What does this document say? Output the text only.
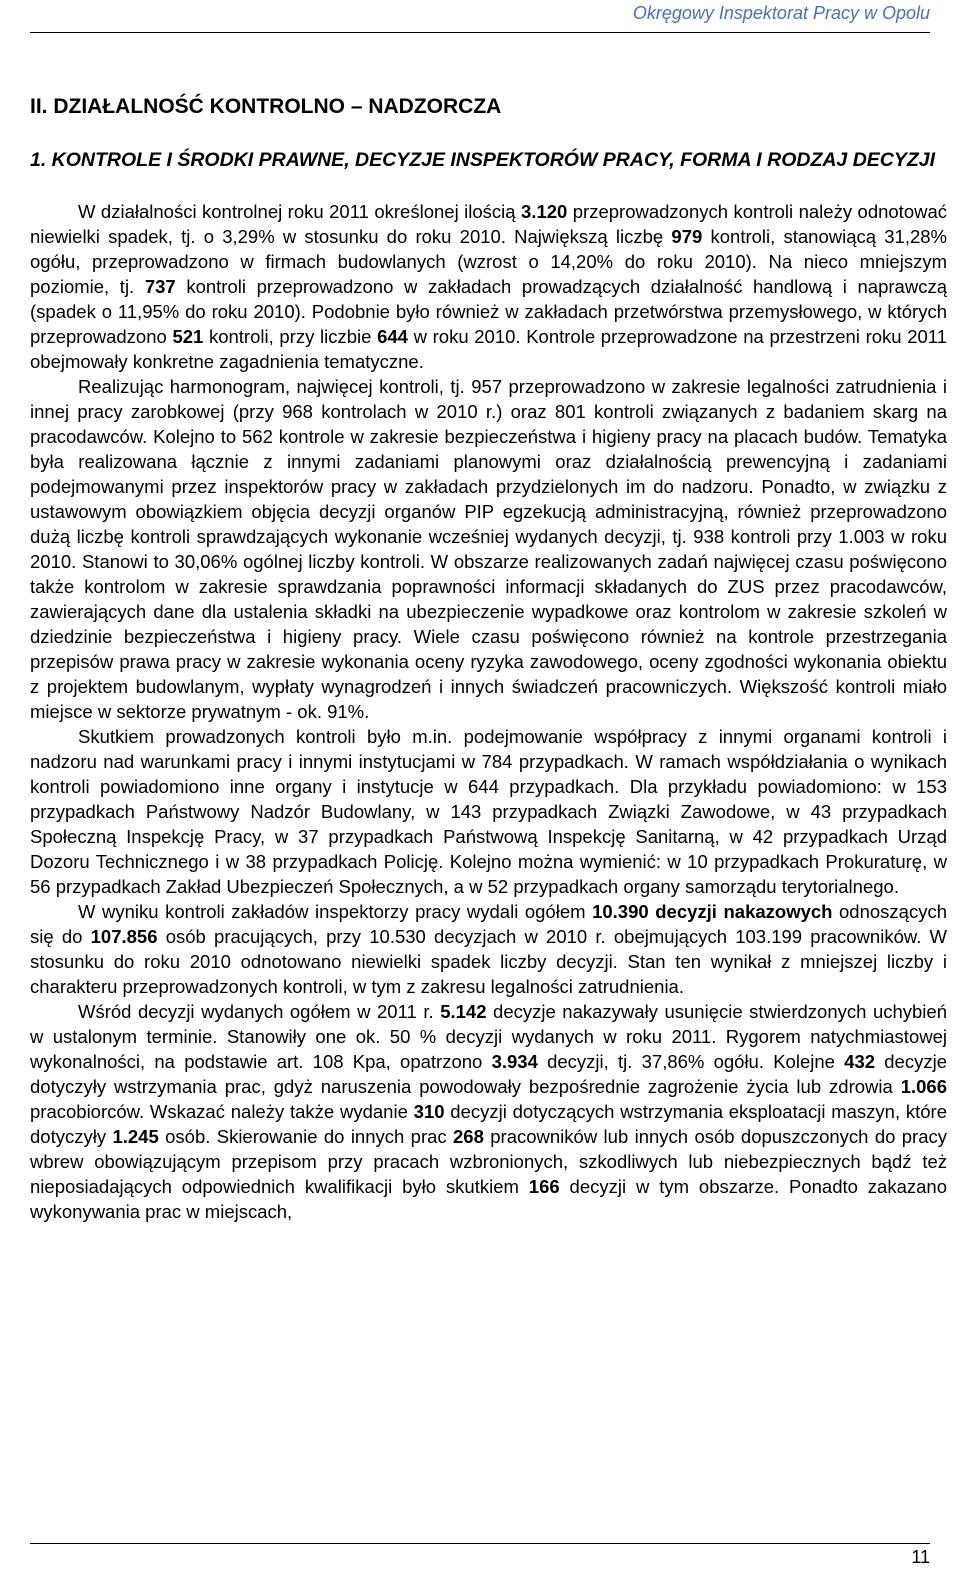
Okręgowy Inspektorat Pracy w Opolu
II. DZIAŁALNOŚĆ KONTROLNO – NADZORCZA
1. KONTROLE I ŚRODKI PRAWNE, DECYZJE INSPEKTORÓW PRACY, FORMA I RODZAJ DECYZJI

W działalności kontrolnej roku 2011 określonej ilością 3.120 przeprowadzonych kontroli należy odnotować niewielki spadek, tj. o 3,29% w stosunku do roku 2010. Największą liczbę 979 kontroli, stanowiącą 31,28% ogółu, przeprowadzono w firmach budowlanych (wzrost o 14,20% do roku 2010). Na nieco mniejszym poziomie, tj. 737 kontroli przeprowadzono w zakładach prowadzących działalność handlową i naprawczą (spadek o 11,95% do roku 2010). Podobnie było również w zakładach przetwórstwa przemysłowego, w których przeprowadzono 521 kontroli, przy liczbie 644 w roku 2010. Kontrole przeprowadzone na przestrzeni roku 2011 obejmowały konkretne zagadnienia tematyczne.

Realizując harmonogram, najwięcej kontroli, tj. 957 przeprowadzono w zakresie legalności zatrudnienia i innej pracy zarobkowej (przy 968 kontrolach w 2010 r.) oraz 801 kontroli związanych z badaniem skarg na pracodawców. Kolejno to 562 kontrole w zakresie bezpieczeństwa i higieny pracy na placach budów. Tematyka była realizowana łącznie z innymi zadaniami planowymi oraz działalnością prewencyjną i zadaniami podejmowanymi przez inspektorów pracy w zakładach przydzielonych im do nadzoru. Ponadto, w związku z ustawowym obowiązkiem objęcia decyzji organów PIP egzekucją administracyjną, również przeprowadzono dużą liczbę kontroli sprawdzających wykonanie wcześniej wydanych decyzji, tj. 938 kontroli przy 1.003 w roku 2010. Stanowi to 30,06% ogólnej liczby kontroli. W obszarze realizowanych zadań najwięcej czasu poświęcono także kontrolom w zakresie sprawdzania poprawności informacji składanych do ZUS przez pracodawców, zawierających dane dla ustalenia składki na ubezpieczenie wypadkowe oraz kontrolom w zakresie szkoleń w dziedzinie bezpieczeństwa i higieny pracy. Wiele czasu poświęcono również na kontrole przestrzegania przepisów prawa pracy w zakresie wykonania oceny ryzyka zawodowego, oceny zgodności wykonania obiektu z projektem budowlanym, wypłaty wynagrodzeń i innych świadczeń pracowniczych. Większość kontroli miało miejsce w sektorze prywatnym - ok. 91%.

Skutkiem prowadzonych kontroli było m.in. podejmowanie współpracy z innymi organami kontroli i nadzoru nad warunkami pracy i innymi instytucjami w 784 przypadkach. W ramach współdziałania o wynikach kontroli powiadomiono inne organy i instytucje w 644 przypadkach. Dla przykładu powiadomiono: w 153 przypadkach Państwowy Nadzór Budowlany, w 143 przypadkach Związki Zawodowe, w 43 przypadkach Społeczną Inspekcję Pracy, w 37 przypadkach Państwową Inspekcję Sanitarną, w 42 przypadkach Urząd Dozoru Technicznego i w 38 przypadkach Policję. Kolejno można wymienić: w 10 przypadkach Prokuraturę, w 56 przypadkach Zakład Ubezpieczeń Społecznych, a w 52 przypadkach organy samorządu terytorialnego.

W wyniku kontroli zakładów inspektorzy pracy wydali ogółem 10.390 decyzji nakazowych odnoszących się do 107.856 osób pracujących, przy 10.530 decyzjach w 2010 r. obejmujących 103.199 pracowników. W stosunku do roku 2010 odnotowano niewielki spadek liczby decyzji. Stan ten wynikał z mniejszej liczby i charakteru przeprowadzonych kontroli, w tym z zakresu legalności zatrudnienia.

Wśród decyzji wydanych ogółem w 2011 r. 5.142 decyzje nakazywały usunięcie stwierdzonych uchybień w ustalonym terminie. Stanowiły one ok. 50 % decyzji wydanych w roku 2011. Rygorem natychmiastowej wykonalności, na podstawie art. 108 Kpa, opatrzono 3.934 decyzji, tj. 37,86% ogółu. Kolejne 432 decyzje dotyczyły wstrzymania prac, gdyż naruszenia powodowały bezpośrednie zagrożenie życia lub zdrowia 1.066 pracobiorców. Wskazać należy także wydanie 310 decyzji dotyczących wstrzymania eksploatacji maszyn, które dotyczyły 1.245 osób. Skierowanie do innych prac 268 pracowników lub innych osób dopuszczonych do pracy wbrew obowiązującym przepisom przy pracach wzbronionych, szkodliwych lub niebezpiecznych bądź też nieposiadających odpowiednich kwalifikacji było skutkiem 166 decyzji w tym obszarze. Ponadto zakazano wykonywania prac w miejscach,

11
